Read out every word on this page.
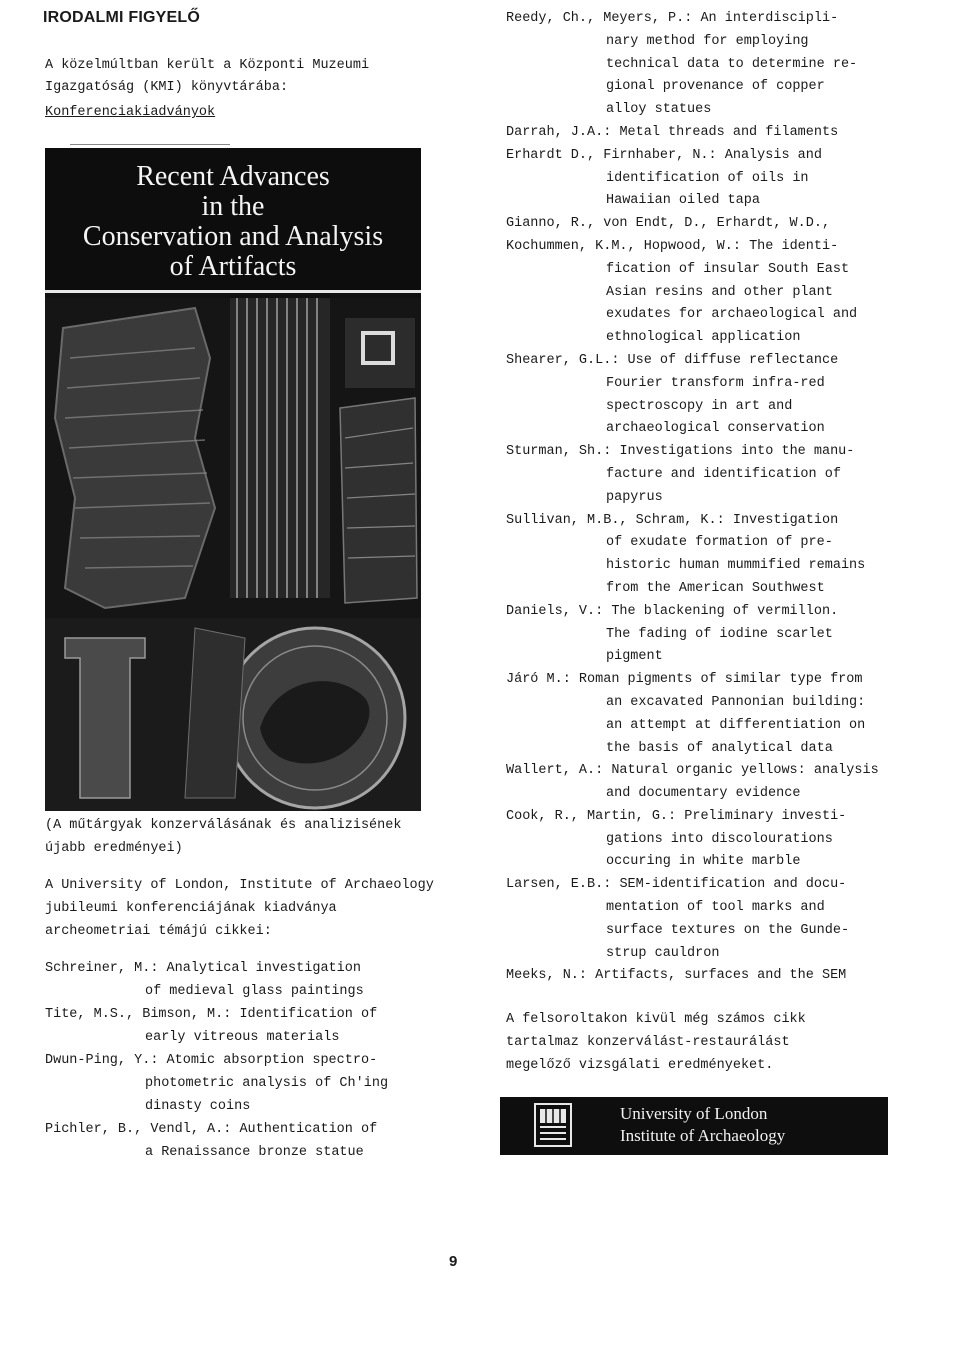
IRODALMI FIGYELŐ
A közelmúltban került a Központi Muzeumi Igazgatóság (KMI) könyvtárába:
Konferenciakiadványok
Recent Advances
in the
Conservation and Analysis
of Artifacts
(A műtárgyak konzerválásának és analizisének újabb eredményei)
A University of London, Institute of Archaeology jubileumi konferenciájának kiadványa archeometriai témájú cikkei:
Schreiner, M.: Analytical investigation
of medieval glass paintings
Tite, M.S., Bimson, M.: Identification of
early vitreous materials
Dwun-Ping, Y.: Atomic absorption spectro-
photometric analysis of Ch'ing
dinasty coins
Pichler, B., Vendl, A.: Authentication of
a Renaissance bronze statue
Reedy, Ch., Meyers, P.: An interdiscipli-
nary method for employing
technical data to determine re-
gional provenance of copper
alloy statues
Darrah, J.A.: Metal threads and filaments
Erhardt D., Firnhaber, N.: Analysis and
identification of oils in
Hawaiian oiled tapa
Gianno, R., von Endt, D., Erhardt, W.D.,
Kochummen, K.M., Hopwood, W.: The identi-
fication of insular South East
Asian resins and other plant
exudates for archaeological and
ethnological application
Shearer, G.L.: Use of diffuse reflectance
Fourier transform infra-red
spectroscopy in art and
archaeological conservation
Sturman, Sh.: Investigations into the manu-
facture and identification of
papyrus
Sullivan, M.B., Schram, K.: Investigation
of exudate formation of pre-
historic human mummified remains
from the American Southwest
Daniels, V.: The blackening of vermillon.
The fading of iodine scarlet
pigment
Járó M.: Roman pigments of similar type from
an excavated Pannonian building:
an attempt at differentiation on
the basis of analytical data
Wallert, A.: Natural organic yellows: analysis
and documentary evidence
Cook, R., Martin, G.: Preliminary investi-
gations into discolourations
occuring in white marble
Larsen, E.B.: SEM-identification and docu-
mentation of tool marks and
surface textures on the Gunde-
strup cauldron
Meeks, N.: Artifacts, surfaces and the SEM
A felsoroltakon kivül még számos cikk tartalmaz konzerválást-restaurálást megelőző vizsgálati eredményeket.
University of London
Institute of Archaeology
9
